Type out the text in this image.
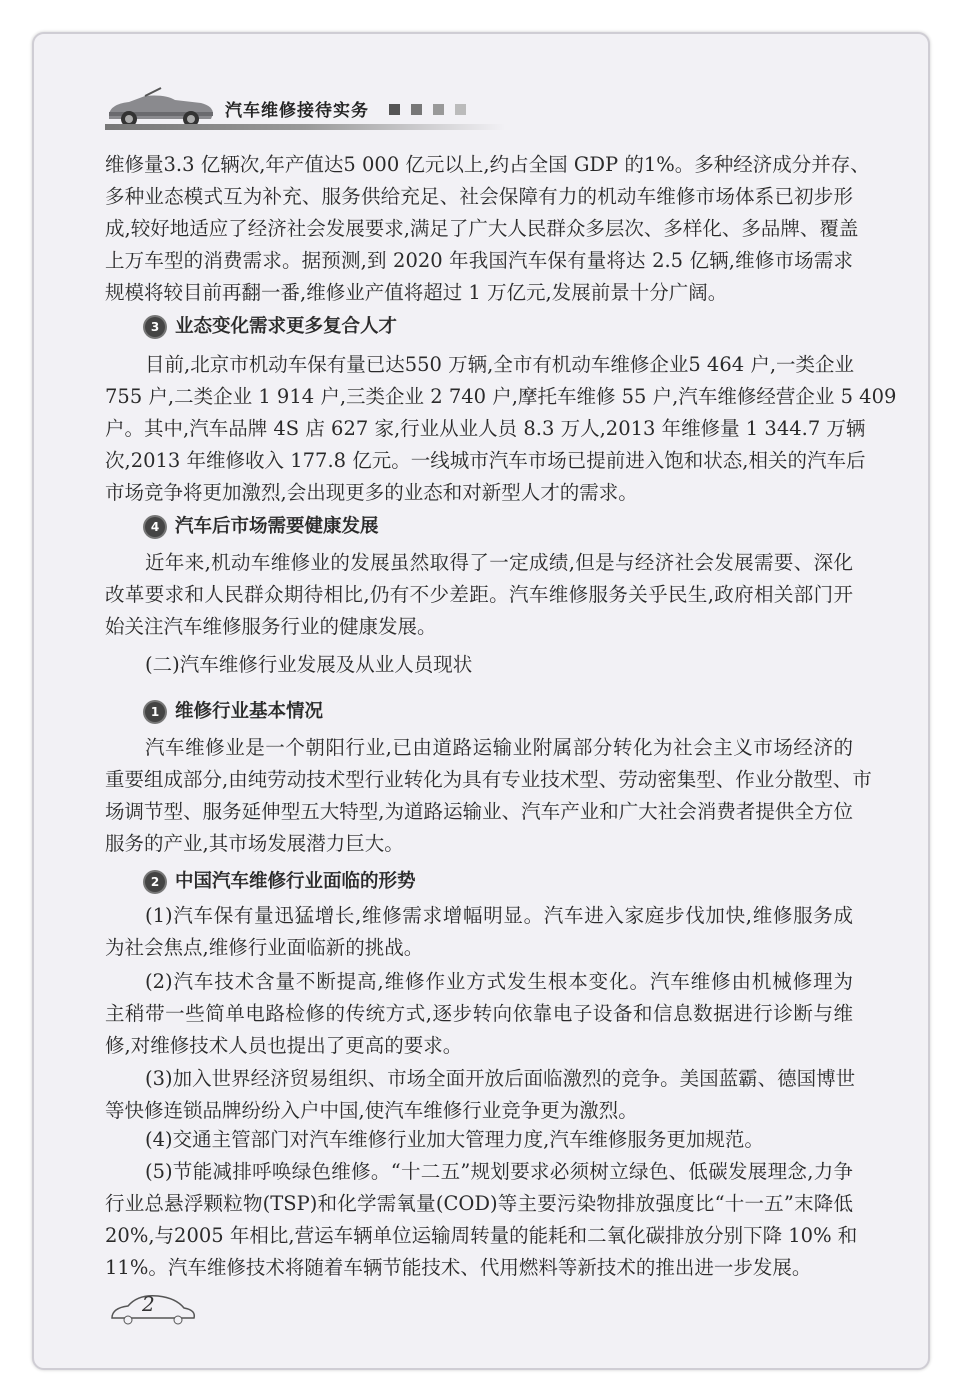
汽车维修接待实务
维修量3.3 亿辆次,年产值达5 000 亿元以上,约占全国 GDP 的1%。多种经济成分并存、
多种业态模式互为补充、服务供给充足、社会保障有力的机动车维修市场体系已初步形
成,较好地适应了经济社会发展要求,满足了广大人民群众多层次、多样化、多品牌、覆盖
上万车型的消费需求。据预测,到 2020 年我国汽车保有量将达 2.5 亿辆,维修市场需求
规模将较目前再翻一番,维修业产值将超过 1 万亿元,发展前景十分广阔。
3 业态变化需求更多复合人才
目前,北京市机动车保有量已达550 万辆,全市有机动车维修企业5 464 户,一类企业
755 户,二类企业 1 914 户,三类企业 2 740 户,摩托车维修 55 户,汽车维修经营企业 5 409
户。其中,汽车品牌 4S 店 627 家,行业从业人员 8.3 万人,2013 年维修量 1 344.7 万辆
次,2013 年维修收入 177.8 亿元。一线城市汽车市场已提前进入饱和状态,相关的汽车后
市场竞争将更加激烈,会出现更多的业态和对新型人才的需求。
4 汽车后市场需要健康发展
近年来,机动车维修业的发展虽然取得了一定成绩,但是与经济社会发展需要、深化
改革要求和人民群众期待相比,仍有不少差距。汽车维修服务关乎民生,政府相关部门开
始关注汽车维修服务行业的健康发展。
(二)汽车维修行业发展及从业人员现状
1 维修行业基本情况
汽车维修业是一个朝阳行业,已由道路运输业附属部分转化为社会主义市场经济的
重要组成部分,由纯劳动技术型行业转化为具有专业技术型、劳动密集型、作业分散型、市
场调节型、服务延伸型五大特型,为道路运输业、汽车产业和广大社会消费者提供全方位
服务的产业,其市场发展潜力巨大。
2 中国汽车维修行业面临的形势
(1)汽车保有量迅猛增长,维修需求增幅明显。汽车进入家庭步伐加快,维修服务成
为社会焦点,维修行业面临新的挑战。
(2)汽车技术含量不断提高,维修作业方式发生根本变化。汽车维修由机械修理为
主稍带一些简单电路检修的传统方式,逐步转向依靠电子设备和信息数据进行诊断与维
修,对维修技术人员也提出了更高的要求。
(3)加入世界经济贸易组织、市场全面开放后面临激烈的竞争。美国蓝霸、德国博世
等快修连锁品牌纷纷入户中国,使汽车维修行业竞争更为激烈。
(4)交通主管部门对汽车维修行业加大管理力度,汽车维修服务更加规范。
(5)节能减排呼唤绿色维修。“十二五”规划要求必须树立绿色、低碳发展理念,力争
行业总悬浮颗粒物(TSP)和化学需氧量(COD)等主要污染物排放强度比“十一五”末降低
20%,与2005 年相比,营运车辆单位运输周转量的能耗和二氧化碳排放分别下降 10% 和
11%。汽车维修技术将随着车辆节能技术、代用燃料等新技术的推出进一步发展。
2
